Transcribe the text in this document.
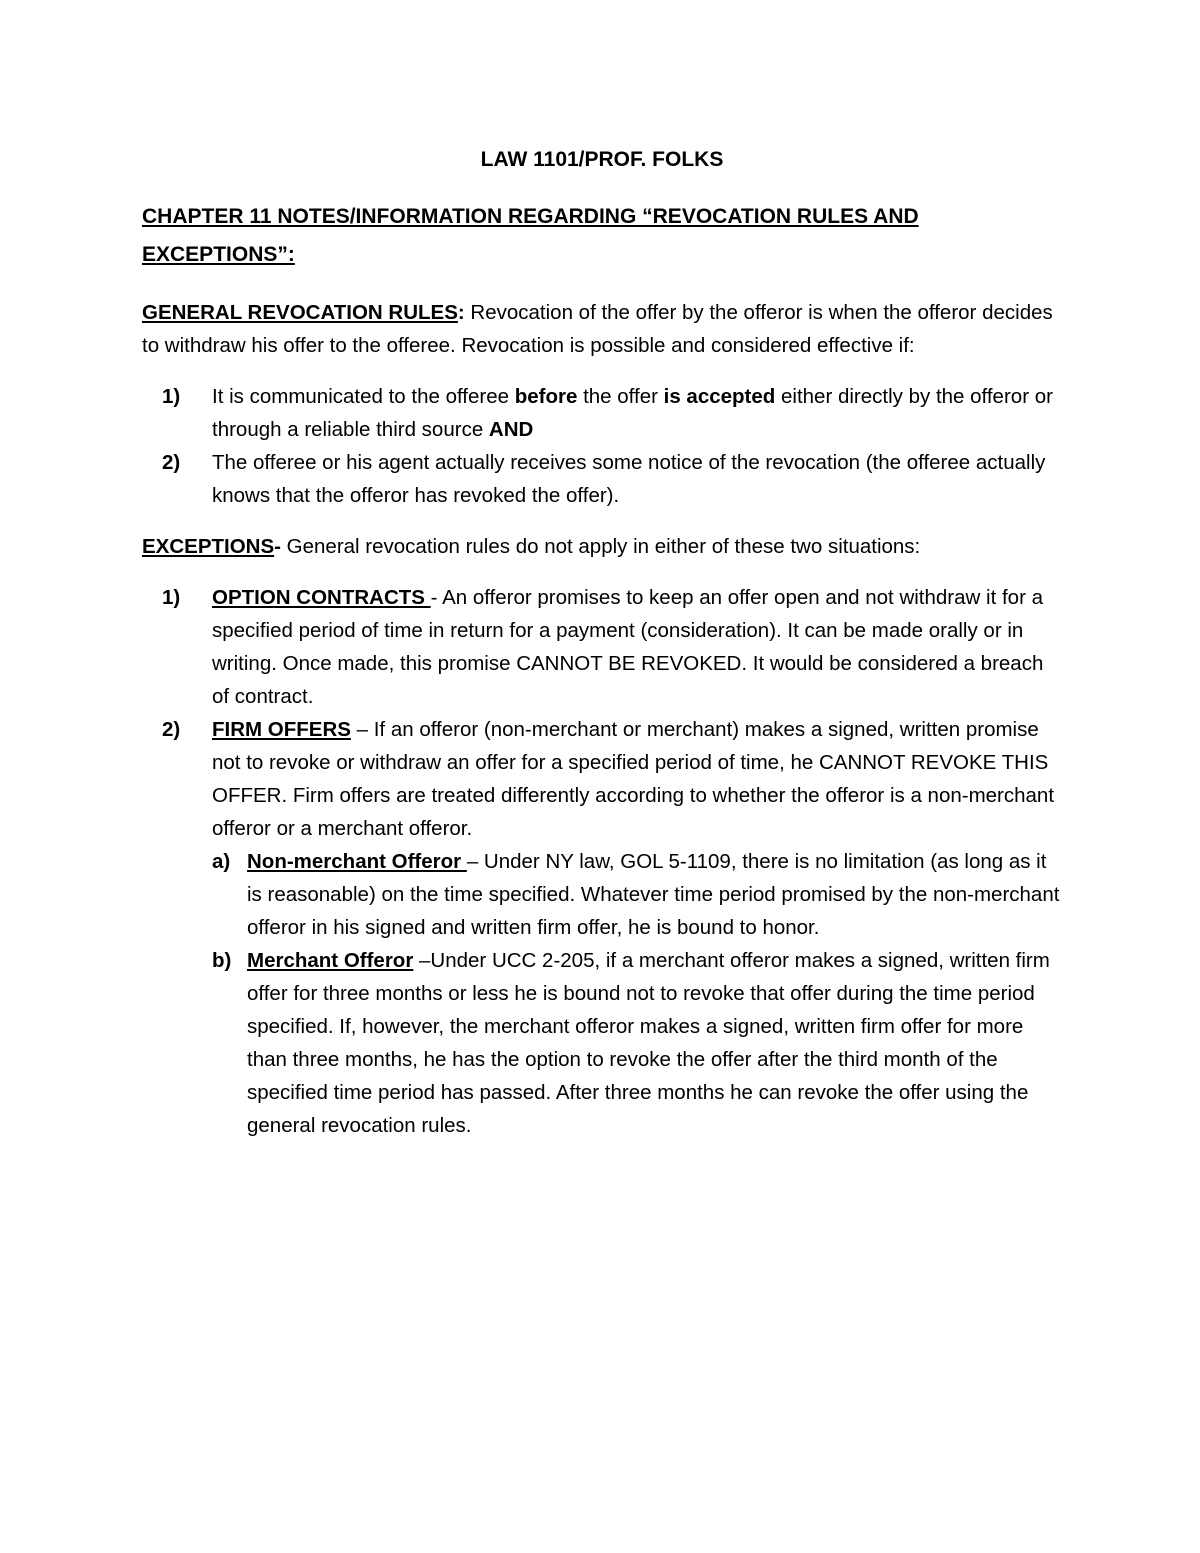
LAW 1101/PROF. FOLKS
CHAPTER 11 NOTES/INFORMATION REGARDING “REVOCATION RULES AND EXCEPTIONS”:
GENERAL REVOCATION RULES: Revocation of the offer by the offeror is when the offeror decides to withdraw his offer to the offeree. Revocation is possible and considered effective if:
1) It is communicated to the offeree before the offer is accepted either directly by the offeror or through a reliable third source AND
2) The offeree or his agent actually receives some notice of the revocation (the offeree actually knows that the offeror has revoked the offer).
EXCEPTIONS- General revocation rules do not apply in either of these two situations:
1) OPTION CONTRACTS - An offeror promises to keep an offer open and not withdraw it for a specified period of time in return for a payment (consideration). It can be made orally or in writing. Once made, this promise CANNOT BE REVOKED. It would be considered a breach of contract.
2) FIRM OFFERS – If an offeror (non-merchant or merchant) makes a signed, written promise not to revoke or withdraw an offer for a specified period of time, he CANNOT REVOKE THIS OFFER. Firm offers are treated differently according to whether the offeror is a non-merchant offeror or a merchant offeror.
a) Non-merchant Offeror – Under NY law, GOL 5-1109, there is no limitation (as long as it is reasonable) on the time specified. Whatever time period promised by the non-merchant offeror in his signed and written firm offer, he is bound to honor.
b) Merchant Offeror –Under UCC 2-205, if a merchant offeror makes a signed, written firm offer for three months or less he is bound not to revoke that offer during the time period specified. If, however, the merchant offeror makes a signed, written firm offer for more than three months, he has the option to revoke the offer after the third month of the specified time period has passed. After three months he can revoke the offer using the general revocation rules.
